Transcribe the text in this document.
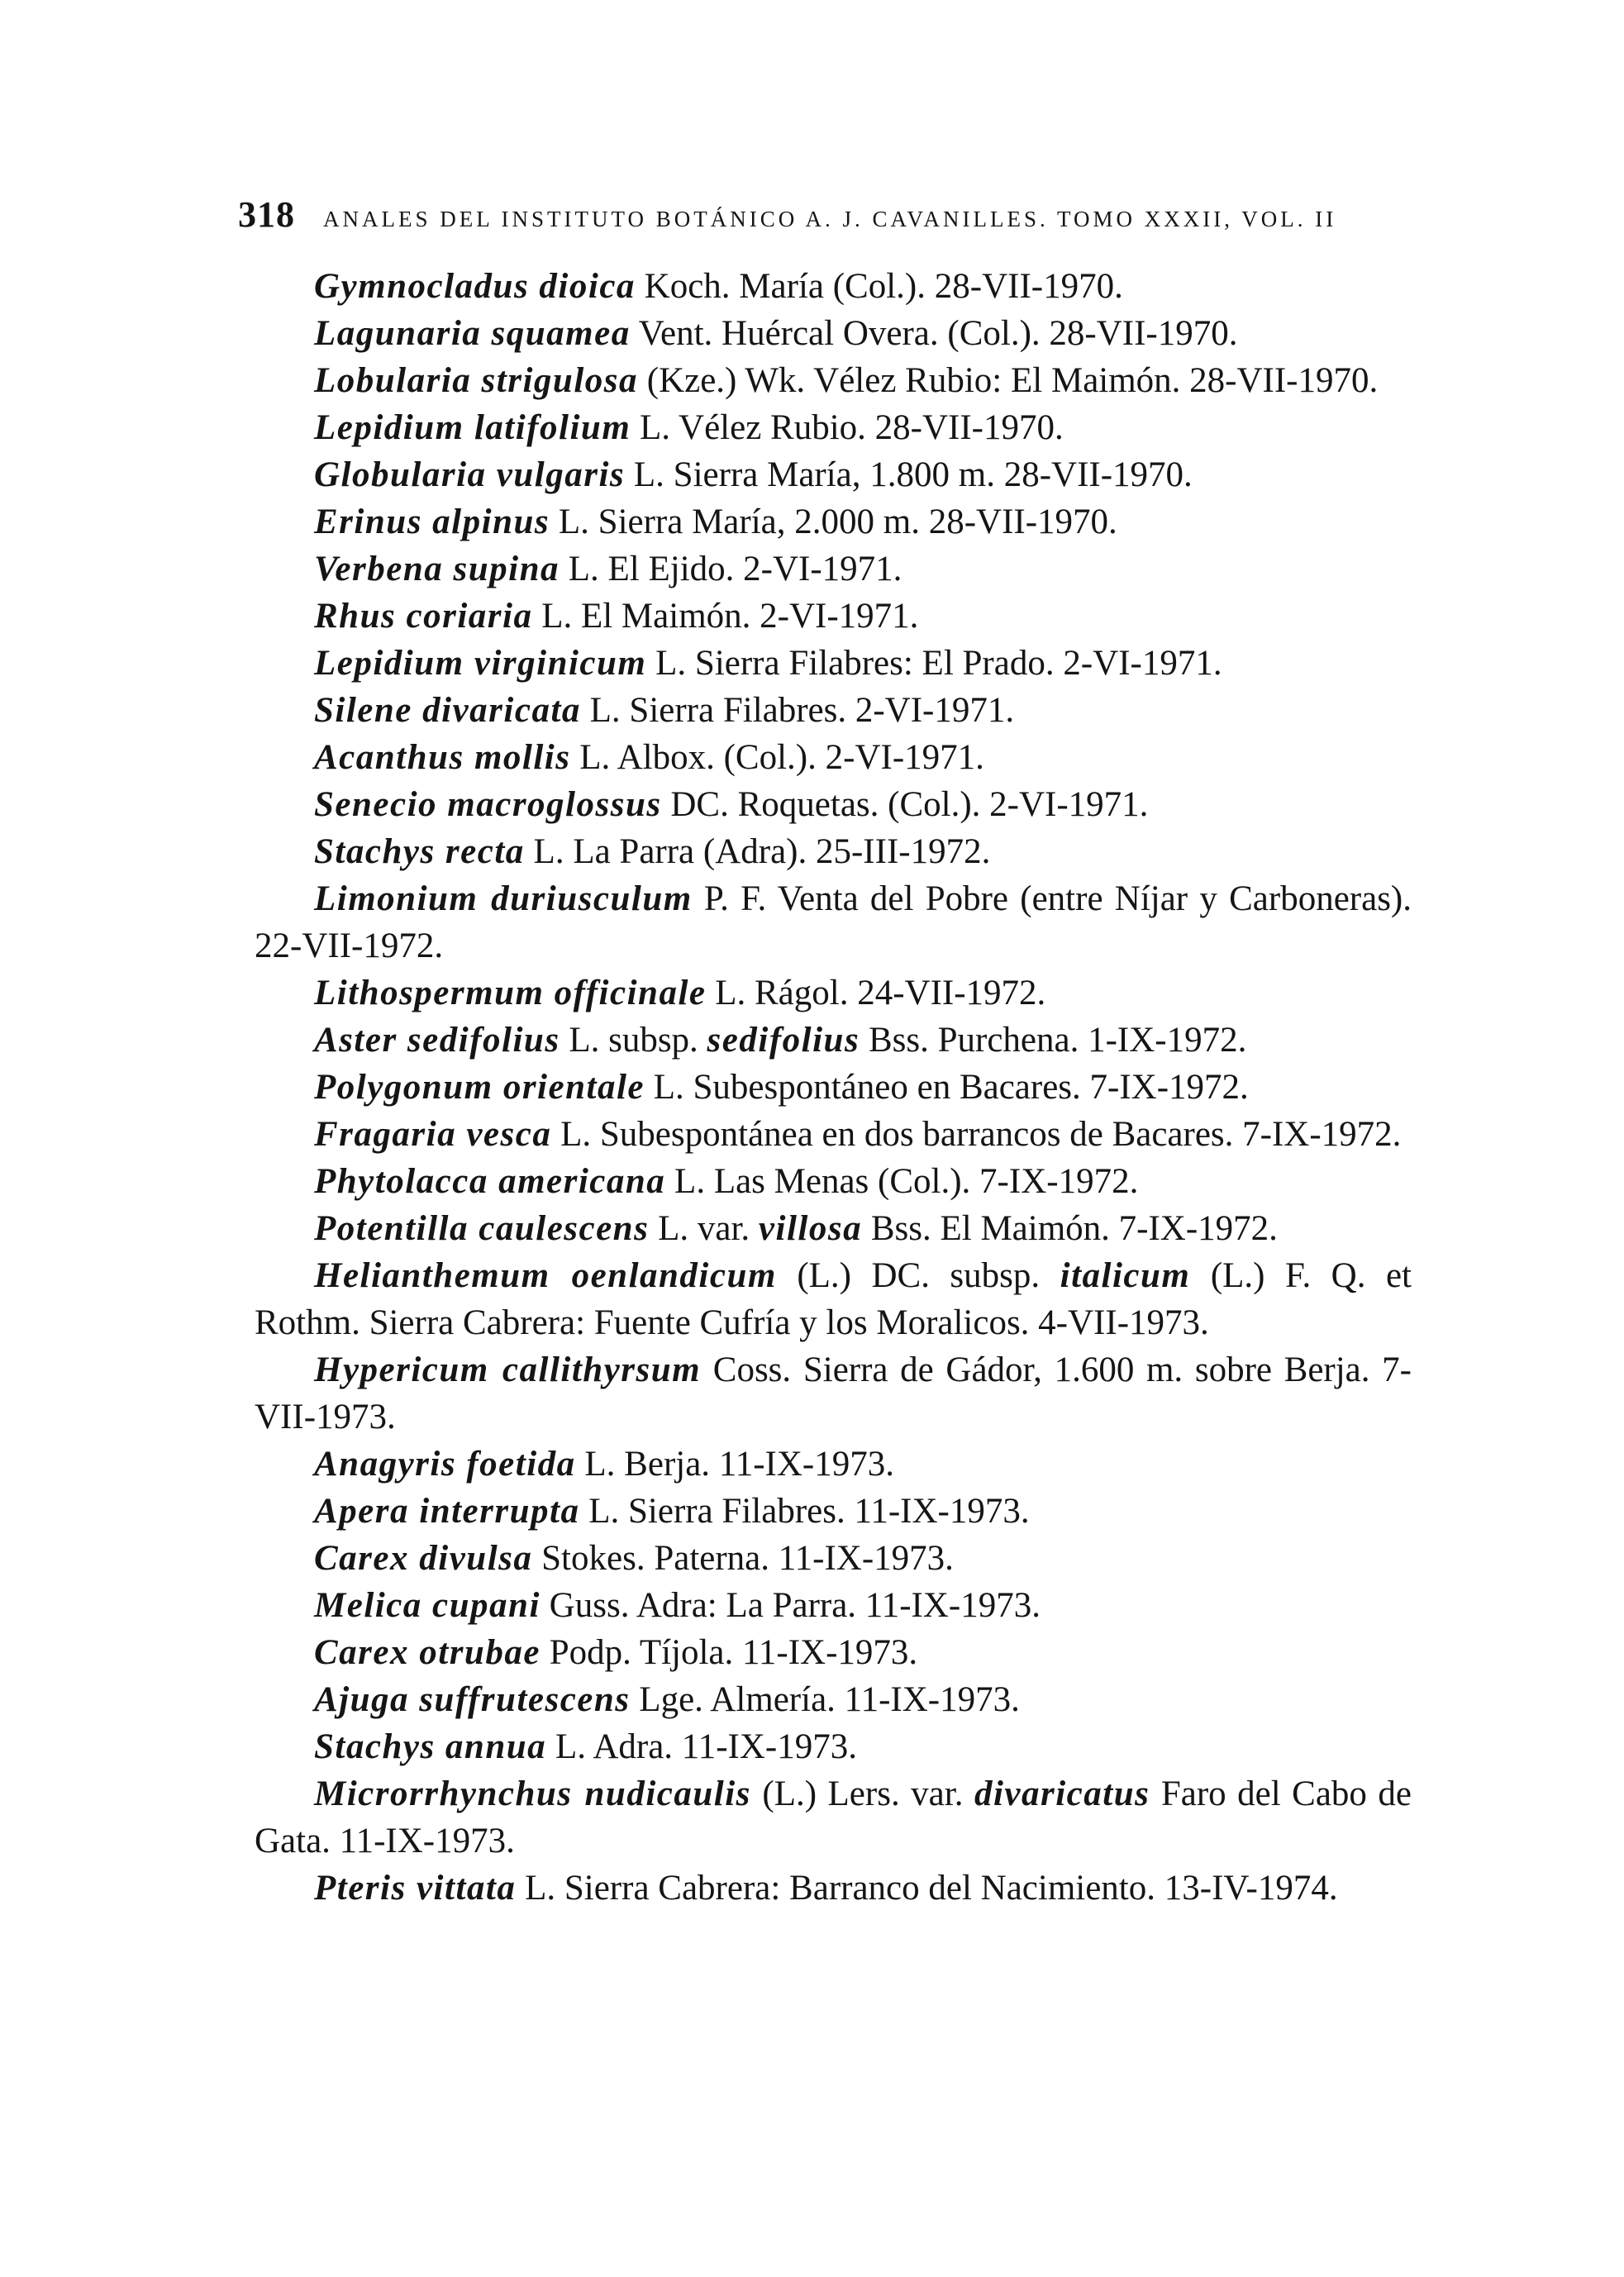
318 ANALES DEL INSTITUTO BOTÁNICO A. J. CAVANILLES. TOMO XXXII, VOL. II
Gymnocladus dioica Koch. María (Col.). 28-VII-1970.
Lagunaria squamea Vent. Huércal Overa. (Col.). 28-VII-1970.
Lobularia strigulosa (Kze.) Wk. Vélez Rubio: El Maimón. 28-VII-1970.
Lepidium latifolium L. Vélez Rubio. 28-VII-1970.
Globularia vulgaris L. Sierra María, 1.800 m. 28-VII-1970.
Erinus alpinus L. Sierra María, 2.000 m. 28-VII-1970.
Verbena supina L. El Ejido. 2-VI-1971.
Rhus coriaria L. El Maimón. 2-VI-1971.
Lepidium virginicum L. Sierra Filabres: El Prado. 2-VI-1971.
Silene divaricata L. Sierra Filabres. 2-VI-1971.
Acanthus mollis L. Albox. (Col.). 2-VI-1971.
Senecio macroglossus DC. Roquetas. (Col.). 2-VI-1971.
Stachys recta L. La Parra (Adra). 25-III-1972.
Limonium duriusculum P. F. Venta del Pobre (entre Níjar y Carboneras). 22-VII-1972.
Lithospermum officinale L. Rágol. 24-VII-1972.
Aster sedifolius L. subsp. sedifolius Bss. Purchena. 1-IX-1972.
Polygonum orientale L. Subespontáneo en Bacares. 7-IX-1972.
Fragaria vesca L. Subespontánea en dos barrancos de Bacares. 7-IX-1972.
Phytolacca americana L. Las Menas (Col.). 7-IX-1972.
Potentilla caulescens L. var. villosa Bss. El Maimón. 7-IX-1972.
Helianthemum oenlandicum (L.) DC. subsp. italicum (L.) F. Q. et Rothm. Sierra Cabrera: Fuente Cufría y los Moralicos. 4-VII-1973.
Hypericum callithyrsum Coss. Sierra de Gádor, 1.600 m. sobre Berja. 7-VII-1973.
Anagyris foetida L. Berja. 11-IX-1973.
Apera interrupta L. Sierra Filabres. 11-IX-1973.
Carex divulsa Stokes. Paterna. 11-IX-1973.
Melica cupani Guss. Adra: La Parra. 11-IX-1973.
Carex otrubae Podp. Tíjola. 11-IX-1973.
Ajuga suffrutescens Lge. Almería. 11-IX-1973.
Stachys annua L. Adra. 11-IX-1973.
Microrrhynchus nudicaulis (L.) Lers. var. divaricatus Faro del Cabo de Gata. 11-IX-1973.
Pteris vittata L. Sierra Cabrera: Barranco del Nacimiento. 13-IV-1974.
